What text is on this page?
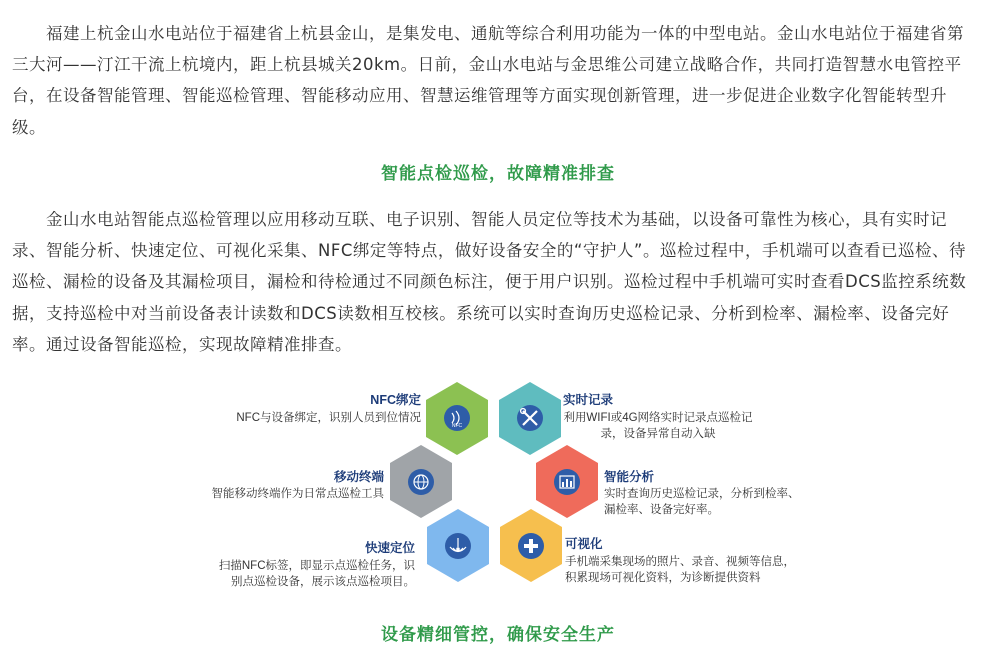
　　福建上杭金山水电站位于福建省上杭县金山，是集发电、通航等综合利用功能为一体的中型电站。金山水电站位于福建省第三大河——汀江干流上杭境内，距上杭县城关20km。日前，金山水电站与金思维公司建立战略合作，共同打造智慧水电管控平台，在设备智能管理、智能巡检管理、智能移动应用、智慧运维管理等方面实现创新管理，进一步促进企业数字化智能转型升级。

智能点检巡检，故障精准排查

　　金山水电站智能点巡检管理以应用移动互联、电子识别、智能人员定位等技术为基础，以设备可靠性为核心，具有实时记录、智能分析、快速定位、可视化采集、NFC绑定等特点，做好设备安全的“守护人”。巡检过程中，手机端可以查看已巡检、待巡检、漏检的设备及其漏检项目，漏检和待检通过不同颜色标注，便于用户识别。巡检过程中手机端可实时查看DCS监控系统数据，支持巡检中对当前设备表计读数和DCS读数相互校核。系统可以实时查询历史巡检记录、分析到检率、漏检率、设备完好率。通过设备智能巡检，实现故障精准排查。

NFC
NFC绑定
NFC与设备绑定，识别人员到位情况
实时记录
利用WIFI或4G网络实时记录点巡检记录，设备异常自动入缺
移动终端
智能移动终端作为日常点巡检工具
智能分析
实时查询历史巡检记录，分析到检率、漏检率、设备完好率。
快速定位
扫描NFC标签，即显示点巡检任务，识别点巡检设备，展示该点巡检项目。
可视化
手机端采集现场的照片、录音、视频等信息，积累现场可视化资料，为诊断提供资料
设备精细管控，确保安全生产
